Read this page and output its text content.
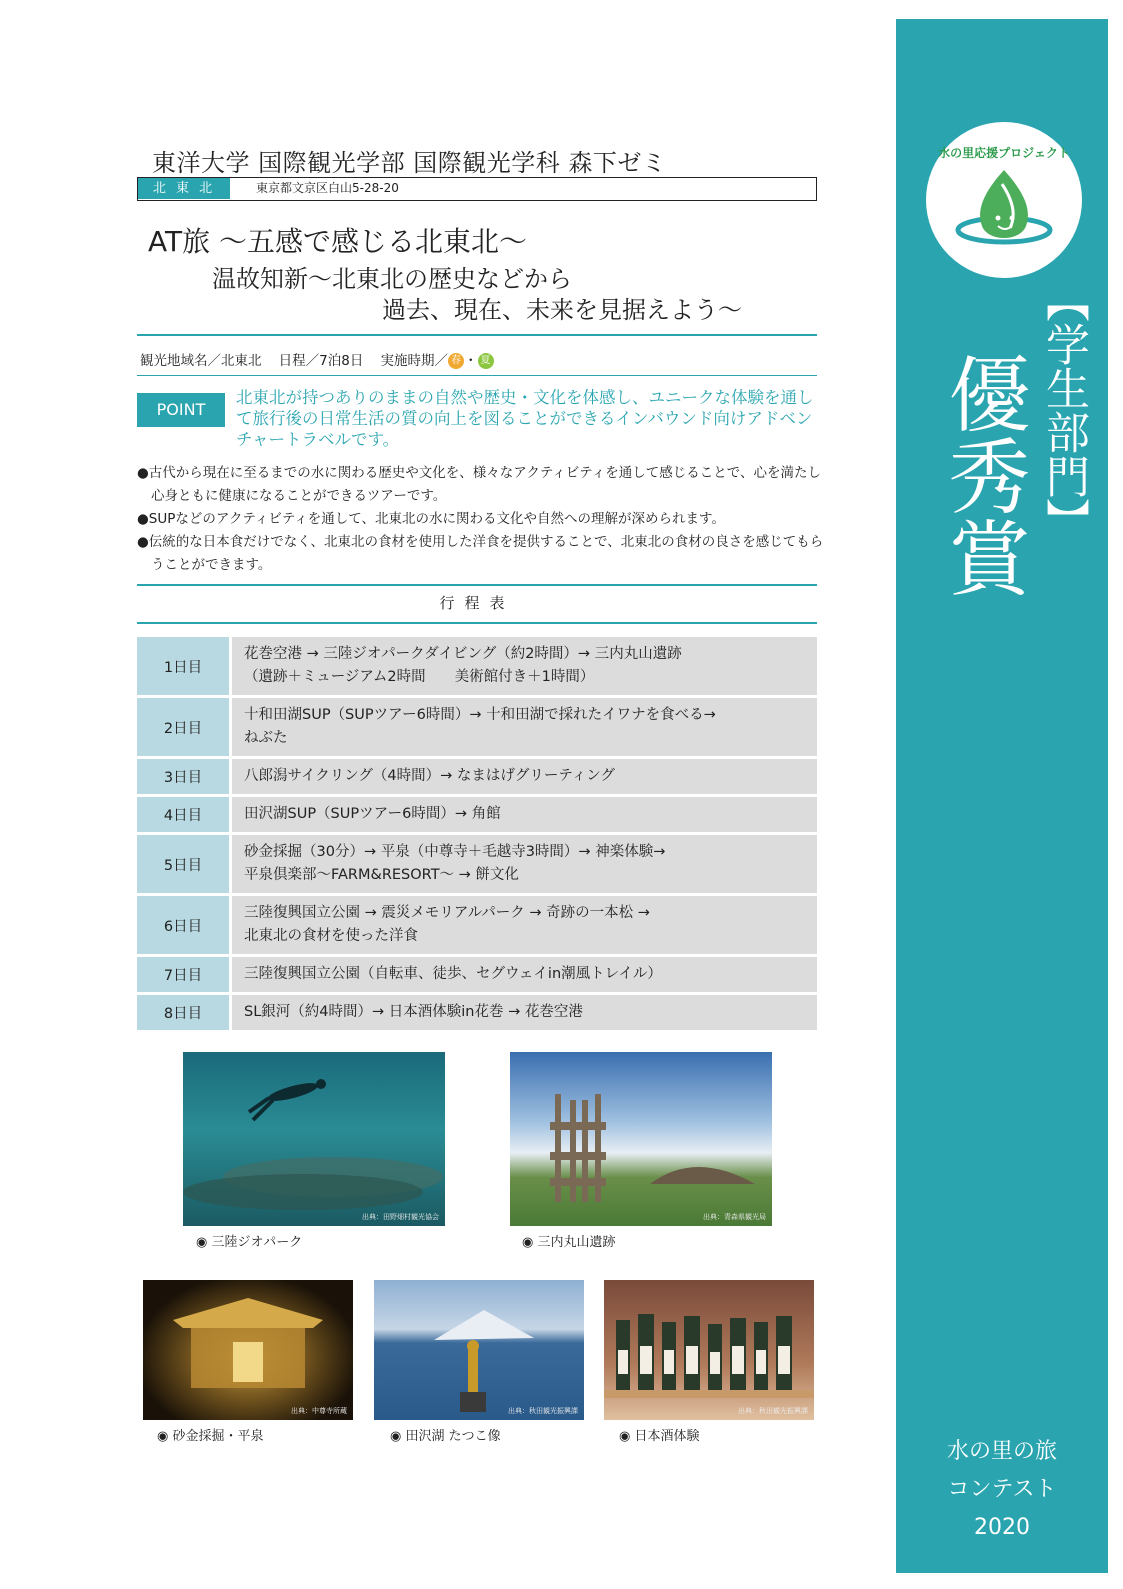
水の里応援プロジェクト
【学生部門】
優秀賞
水の里の旅
コンテスト
2020
東洋大学 国際観光学部 国際観光学科 森下ゼミ
北 東 北	東京都文京区白山5-28-20
AT旅 〜五感で感じる北東北〜
温故知新〜北東北の歴史などから
過去、現在、未来を見据えよう〜
観光地域名／北東北 日程／7泊8日 実施時期／ 春 ・ 夏
POINT
北東北が持つありのままの自然や歴史・文化を体感し、ユニークな体験を通して旅行後の日常生活の質の向上を図ることができるインバウンド向けアドベンチャートラベルです。

●古代から現在に至るまでの水に関わる歴史や文化を、様々なアクティビティを通して感じることで、心を満たし心身ともに健康になることができるツアーです。

●SUPなどのアクティビティを通して、北東北の水に関わる文化や自然への理解が深められます。

●伝統的な日本食だけでなく、北東北の食材を使用した洋食を提供することで、北東北の食材の良さを感じてもらうことができます。

行程表
1日目	花巻空港 → 三陸ジオパークダイビング（約2時間）→ 三内丸山遺跡
（遺跡＋ミュージアム2時間　　美術館付き＋1時間）

2日目	十和田湖SUP（SUPツアー6時間）→ 十和田湖で採れたイワナを食べる→
ねぶた

3日目	八郎潟サイクリング（4時間）→ なまはげグリーティング

4日目	田沢湖SUP（SUPツアー6時間）→ 角館

5日目	砂金採掘（30分）→ 平泉（中尊寺＋毛越寺3時間）→ 神楽体験→
平泉倶楽部〜FARM&RESORT〜 → 餅文化

6日目	三陸復興国立公園 → 震災メモリアルパーク → 奇跡の一本松 →
北東北の食材を使った洋食

7日目	三陸復興国立公園（自転車、徒歩、セグウェイin潮風トレイル）

8日目	SL銀河（約4時間）→ 日本酒体験in花巻 → 花巻空港
出典：田野畑村観光協会
◉ 三陸ジオパーク
出典：青森県観光局
◉ 三内丸山遺跡
出典：中尊寺所蔵
◉ 砂金採掘・平泉
出典：秋田観光振興課
◉ 田沢湖 たつこ像
出典：秋田観光振興課
◉ 日本酒体験
